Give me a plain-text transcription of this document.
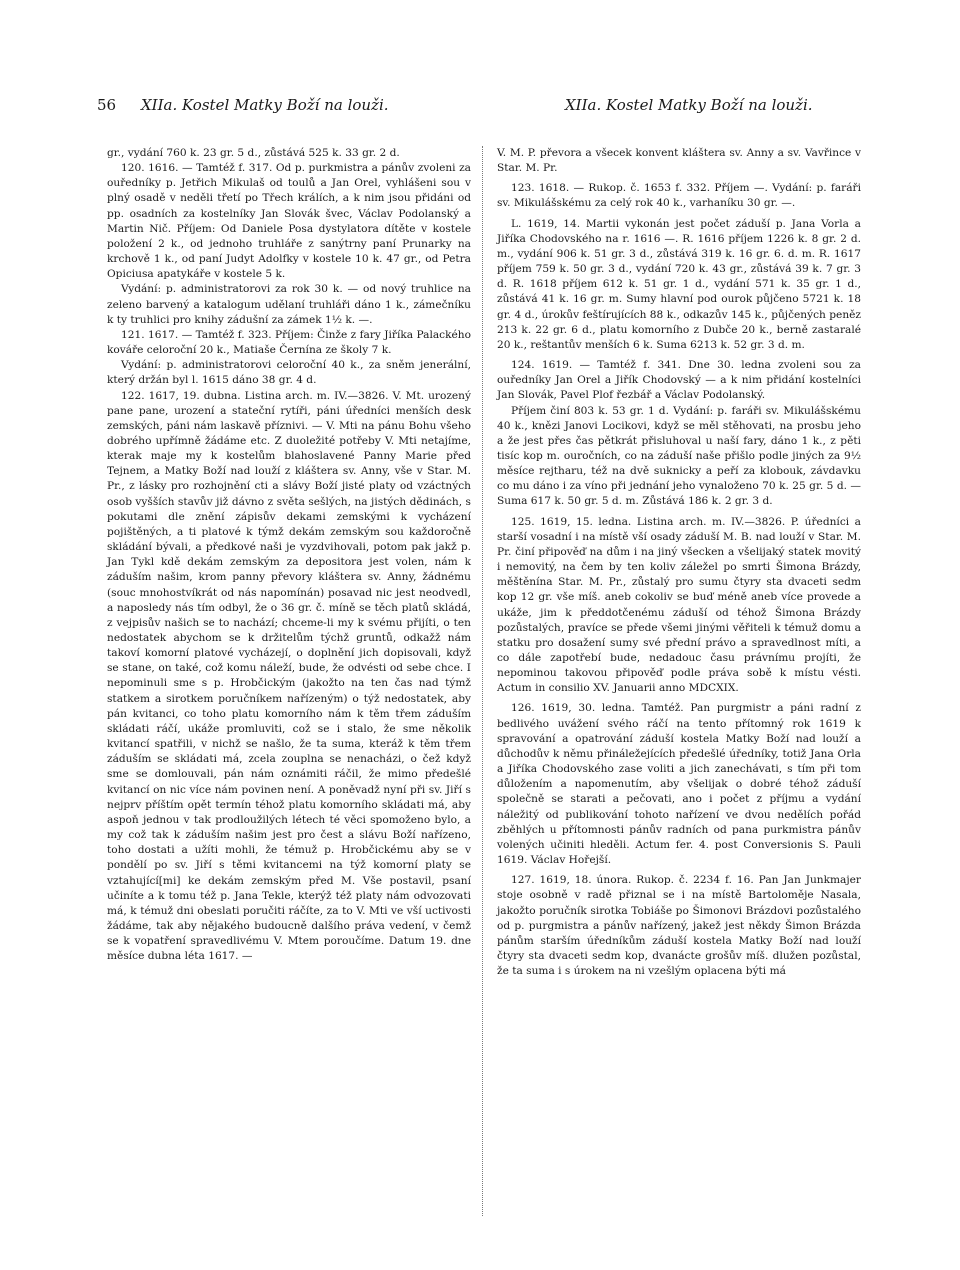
56 XIIa. Kostel Matky Boží na louži.	XIIa. Kostel Matky Boží na louži.

gr., vydání 760 k. 23 gr. 5 d., zůstává 525 k. 33 gr. 2 d.

120. 1616. — Tamtéž f. 317. Od p. purkmistra a pánův zvoleni za ouředníky p. Jetřich Mikulaš od toulů a Jan Orel, vyhlášeni sou v plný osadě v neděli třetí po Třech králích, a k nim jsou přidáni od pp. osadních za kostelníky Jan Slovák švec, Václav Podolanský a Martin Nič. Příjem: Od Daniele Posa dystylatora dítěte v kostele položení 2 k., od jednoho truhláře z sanýtrny paní Prunarky na krchově 1 k., od paní Judyt Adolfky v kostele 10 k. 47 gr., od Petra Opiciusa apatykáře v kostele 5 k.

Vydání: p. administratorovi za rok 30 k. — od nový truhlice na zeleno barvený a katalogum udělaní truhláři dáno 1 k., zámečníku k ty truhlici pro knihy zádušní za zámek 1½ k. —.

121. 1617. — Tamtéž f. 323. Příjem: Činže z fary Jiříka Palackého kováře celoroční 20 k., Matiaše Černína ze školy 7 k.

Vydání: p. administratorovi celoroční 40 k., za sněm jenerální, který držán byl l. 1615 dáno 38 gr. 4 d.

122. 1617, 19. dubna. Listina arch. m. IV.—3826. V. Mt. urozený pane pane, urození a stateční rytíři, páni úředníci menších desk zemských, páni nám laskavě příznivi. — V. Mti na pánu Bohu všeho dobrého upřímně žádáme etc. Z duoležité potřeby V. Mti netajíme, kterak maje my k kostelům blahoslavené Panny Marie před Tejnem, a Matky Boží nad louží z kláštera sv. Anny, vše v Star. M. Pr., z lásky pro rozhojnění cti a slávy Boží jisté platy od vzáctných osob vyšších stavův již dávno z světa sešlých, na jistých dědinách, s pokutami dle znění zápisův dekami zemskými k vycházení pojištěných, a ti platové k týmž dekám zemským sou každoročně skládání bývali, a předkové naši je vyzdvihovali, potom pak jakž p. Jan Tykl kdě dekám zemským za depositora jest volen, nám k záduším našim, krom panny převory kláštera sv. Anny, žádnému (souc mnohostvíkrát od nás napomínán) posavad nic jest neodvedl, a naposledy nás tím odbyl, že o 36 gr. č. míně se těch platů skládá, z vejpisův našich se to nachází; chceme-li my k svému přijíti, o ten nedostatek abychom se k držitelům týchž gruntů, odkažž nám takoví komorní platové vycházejí, o doplnění jich dopisovali, když se stane, on také, což komu náleží, bude, že odvésti od sebe chce. I nepominuli sme s p. Hrobčickým (jakožto na ten čas nad týmž statkem a sirotkem poručníkem nařízeným) o týž nedostatek, aby pán kvitanci, co toho platu komorního nám k těm třem záduším skládati ráčí, ukáže promluviti, což se i stalo, že sme několik kvitancí spatřili, v nichž se našlo, že ta suma, kteráž k těm třem záduším se skládati má, zcela zouplna se nenacházi, o čež když sme se domlouvali, pán nám oznámiti ráčil, že mimo předešlé kvitancí on nic více nám povinen není. A poněvadž nyní při sv. Jiří s nejprv příštím opět termín téhož platu komorního skládati má, aby aspoň jednou v tak prodloužilých létech té věci spomoženo bylo, a my což tak k záduším našim jest pro čest a slávu Boží nařízeno, toho dostati a užíti mohli, že témuž p. Hrobčickému aby se v pondělí po sv. Jiří s těmi kvitancemi na týž komorní platy se vztahující[mi] ke dekám zemským před M. Vše postavil, psaní učiníte a k tomu též p. Jana Tekle, kterýž též platy nám odvozovati má, k témuž dni obeslati poručiti ráčíte, za to V. Mti ve vší uctivosti žádáme, tak aby nějakého budoucně dalšího práva vedení, v čemž se k vopatření spravedlivému V. Mtem poroučíme. Datum 19. dne měsíce dubna léta 1617. —

V. M. P. převora a všecek konvent kláštera sv. Anny a sv. Vavřince v Star. M. Pr.

123. 1618. — Rukop. č. 1653 f. 332. Příjem —. Vydání: p. faráři sv. Mikulášskému za celý rok 40 k., varhaníku 30 gr. —.

L. 1619, 14. Martii vykonán jest počet záduší p. Jana Vorla a Jiříka Chodovského na r. 1616 —. R. 1616 příjem 1226 k. 8 gr. 2 d. m., vydání 906 k. 51 gr. 3 d., zůstává 319 k. 16 gr. 6. d. m. R. 1617 příjem 759 k. 50 gr. 3 d., vydání 720 k. 43 gr., zůstává 39 k. 7 gr. 3 d. R. 1618 příjem 612 k. 51 gr. 1 d., vydání 571 k. 35 gr. 1 d., zůstává 41 k. 16 gr. m. Sumy hlavní pod ourok půjčeno 5721 k. 18 gr. 4 d., úrokův feštírujících 88 k., odkazův 145 k., půjčených peněz 213 k. 22 gr. 6 d., platu komorního z Dubče 20 k., berně zastaralé 20 k., reštantův menších 6 k. Suma 6213 k. 52 gr. 3 d. m.

124. 1619. — Tamtéž f. 341. Dne 30. ledna zvoleni sou za ouředníky Jan Orel a Jiřík Chodovský — a k nim přidání kostelníci Jan Slovák, Pavel Plof řezbář a Václav Podolanský.

Příjem činí 803 k. 53 gr. 1 d. Vydání: p. faráři sv. Mikulášskému 40 k., knězi Janovi Locikovi, když se měl stěhovati, na prosbu jeho a že jest přes čas pětkrát přisluhoval u naší fary, dáno 1 k., z pěti tisíc kop m. ouročních, co na záduší naše přišlo podle jiných za 9½ měsíce rejtharu, též na dvě suknicky a peří za klobouk, závdavku co mu dáno i za víno při jednání jeho vynaloženo 70 k. 25 gr. 5 d. — Suma 617 k. 50 gr. 5 d. m. Zůstává 186 k. 2 gr. 3 d.

125. 1619, 15. ledna. Listina arch. m. IV.—3826. P. úředníci a starší vosadní i na místě vší osady záduší M. B. nad louží v Star. M. Pr. činí připověď na dům i na jiný všecken a všelijaký statek movitý i nemovitý, na čem by ten koliv záležel po smrti Šimona Brázdy, měštěnína Star. M. Pr., zůstalý pro sumu čtyry sta dvaceti sedm kop 12 gr. vše míš. aneb cokoliv se buď méně aneb více provede a ukáže, jim k předdotčenému záduší od téhož Šimona Brázdy pozůstalých, pravíce se přede všemi jinými věřiteli k témuž domu a statku pro dosažení sumy své přední právo a spravedlnost míti, a co dále zapotřebí bude, nedadouc času právnímu projíti, že nepominou takovou připověď podle práva sobě k místu vésti. Actum in consilio XV. Januarii anno MDCXIX.

126. 1619, 30. ledna. Tamtéž. Pan purgmistr a páni radní z bedlivého uvážení svého ráčí na tento přítomný rok 1619 k spravování a opatrování záduší kostela Matky Boží nad louží a důchodův k němu přináležejících předešlé úředníky, totiž Jana Orla a Jiříka Chodovského zase voliti a jich zanechávati, s tím při tom důložením a napomenutím, aby všelijak o dobré téhož záduší společně se starati a pečovati, ano i počet z příjmu a vydání náležitý od publikování tohoto nařízení ve dvou nedělích pořád zběhlých u přítomnosti pánův radních od pana purkmistra pánův volených učiniti hleděli. Actum fer. 4. post Conversionis S. Pauli 1619. Václav Hořejší.

127. 1619, 18. února. Rukop. č. 2234 f. 16. Pan Jan Junkmajer stoje osobně v radě přiznal se i na místě Bartoloměje Nasala, jakožto poručník sirotka Tobiáše po Šimonovi Brázdovi pozůstalého od p. purgmistra a pánův nařízený, jakež jest někdy Šimon Brázda pánům starším úředníkům záduší kostela Matky Boží nad louží čtyry sta dvaceti sedm kop, dvanácte grošův míš. dlužen pozůstal, že ta suma i s úrokem na ni vzešlým oplacena býti má
